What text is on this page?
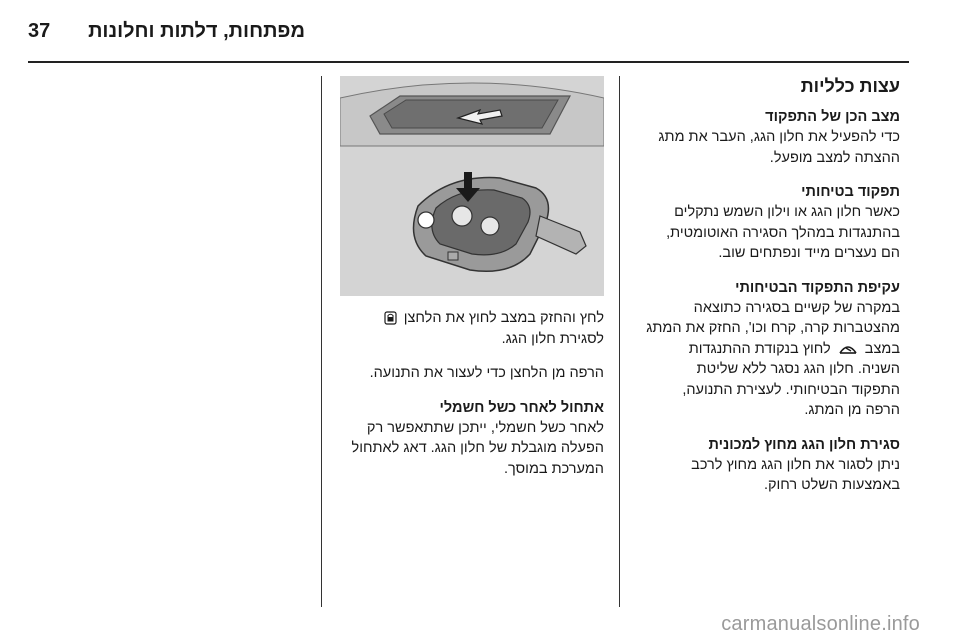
37 מפתחות, דלתות וחלונות
עצות כלליות
מצב הכן של התפקוד
כדי להפעיל את חלון הגג, העבר את מתג
ההצתה למצב מופעל.
תפקוד בטיחותי
כאשר חלון הגג או וילון השמש נתקלים
בהתנגדות במהלך הסגירה האוטומטית,
הם נעצרים מייד ונפתחים שוב.
עקיפת התפקוד הבטיחותי
במקרה של קשיים בסגירה כתוצאה
מהצטברות קרה, קרח וכו', החזק את המתג
במצב  לחוץ בנקודת ההתנגדות
השניה. חלון הגג נסגר ללא שליטת
התפקוד הבטיחותי. לעצירת התנועה,
הרפה מן המתג.
סגירת חלון הגג מחוץ למכונית
ניתן לסגור את חלון הגג מחוץ לרכב
באמצעות השלט רחוק.
לחץ והחזק במצב לחוץ את הלחצן
לסגירת חלון הגג.
הרפה מן הלחצן כדי לעצור את התנועה.
אתחול לאחר כשל חשמלי
לאחר כשל חשמלי, ייתכן שתתאפשר רק
הפעלה מוגבלת של חלון הגג. דאג לאתחול
המערכת במוסך.
carmanualsonline.info
